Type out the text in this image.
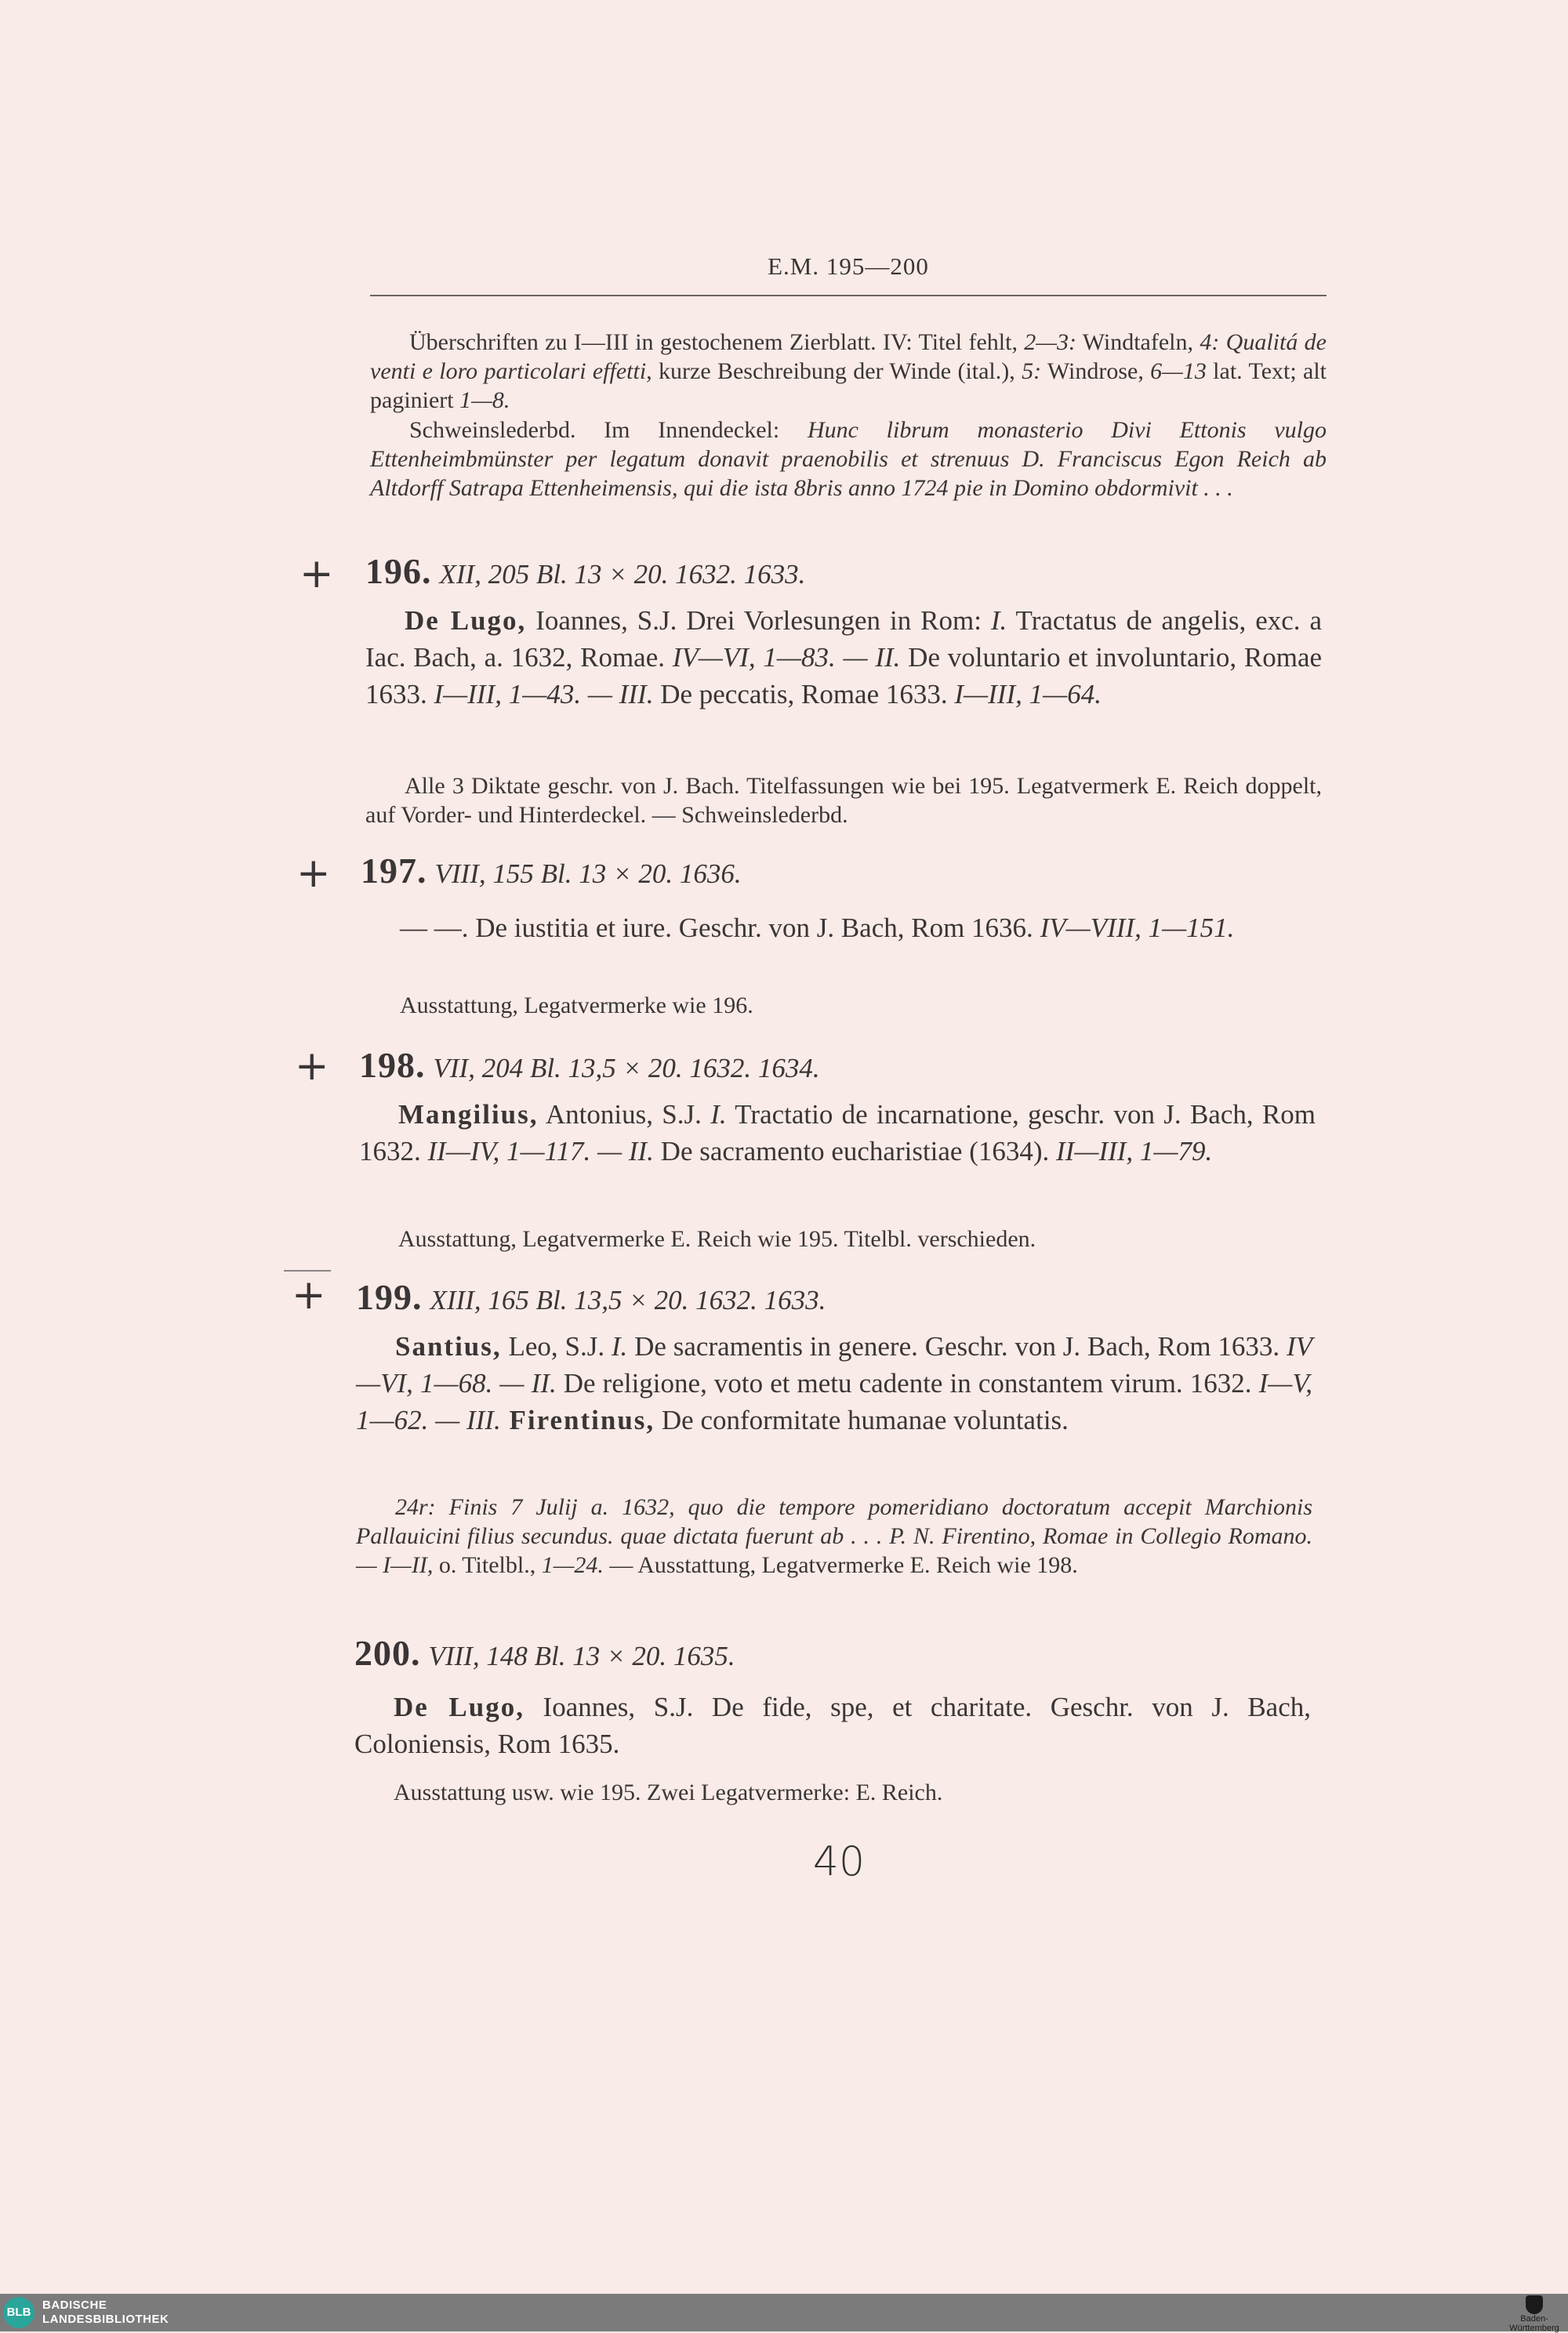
E.M. 195—200
Überschriften zu I—III in gestochenem Zierblatt. IV: Titel fehlt, 2—3: Windtafeln, 4: Qualitá de venti e loro particolari effetti, kurze Beschreibung der Winde (ital.), 5: Windrose, 6—13 lat. Text; alt paginiert 1—8.
Schweinslederbd. Im Innendeckel: Hunc librum monasterio Divi Ettonis vulgo Ettenheimbmünster per legatum donavit praenobilis et strenuus D. Franciscus Egon Reich ab Altdorff Satrapa Ettenheimensis, qui die ista 8bris anno 1724 pie in Domino obdormivit . . .
+ 196. XII, 205 Bl. 13 × 20. 1632. 1633.
De Lugo, Ioannes, S.J. Drei Vorlesungen in Rom: I. Tractatus de angelis, exc. a Iac. Bach, a. 1632, Romae. IV—VI, 1—83. — II. De voluntario et involuntario, Romae 1633. I—III, 1—43. — III. De peccatis, Romae 1633. I—III, 1—64.
Alle 3 Diktate geschr. von J. Bach. Titelfassungen wie bei 195. Legatvermerk E. Reich doppelt, auf Vorder- und Hinterdeckel. — Schweinslederbd.
+ 197. VIII, 155 Bl. 13 × 20. 1636.
— —. De iustitia et iure. Geschr. von J. Bach, Rom 1636. IV—VIII, 1—151.
Ausstattung, Legatvermerke wie 196.
+ 198. VII, 204 Bl. 13,5 × 20. 1632. 1634.
Mangilius, Antonius, S.J. I. Tractatio de incarnatione, geschr. von J. Bach, Rom 1632. II—IV, 1—117. — II. De sacramento eucharistiae (1634). II—III, 1—79.
Ausstattung, Legatvermerke E. Reich wie 195. Titelbl. verschieden.
+ 199. XIII, 165 Bl. 13,5 × 20. 1632. 1633.
Santius, Leo, S.J. I. De sacramentis in genere. Geschr. von J. Bach, Rom 1633. IV—VI, 1—68. — II. De religione, voto et metu cadente in constantem virum. 1632. I—V, 1—62. — III. Firentinus, De conformitate humanae voluntatis.
24r: Finis 7 Julij a. 1632, quo die tempore pomeridiano doctoratum accepit Marchionis Pallauicini filius secundus. quae dictata fuerunt ab . . . P. N. Firentino, Romae in Collegio Romano. — I—II, o. Titelbl., 1—24. — Ausstattung, Legatvermerke E. Reich wie 198.
200. VIII, 148 Bl. 13 × 20. 1635.
De Lugo, Ioannes, S.J. De fide, spe, et charitate. Geschr. von J. Bach, Coloniensis, Rom 1635.
Ausstattung usw. wie 195. Zwei Legatvermerke: E. Reich.
40
BLB
BADISCHE
LANDESBIBLIOTHEK	Baden-Württemberg
